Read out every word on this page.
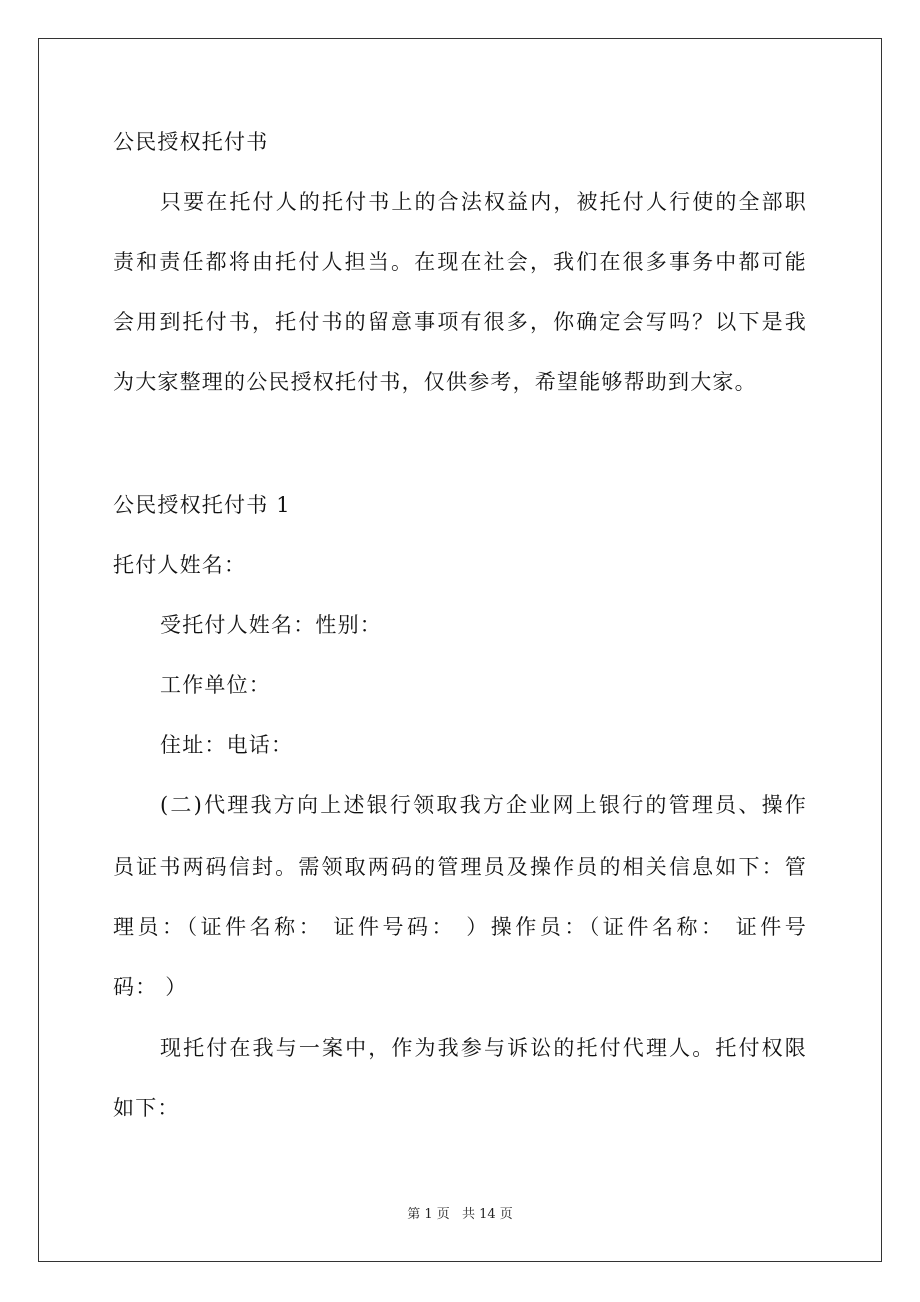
公民授权托付书
只要在托付人的托付书上的合法权益内，被托付人行使的全部职
责和责任都将由托付人担当。在现在社会，我们在很多事务中都可能
会用到托付书，托付书的留意事项有很多，你确定会写吗？以下是我
为大家整理的公民授权托付书，仅供参考，希望能够帮助到大家。
公民授权托付书 1
托付人姓名：
受托付人姓名：性别：
工作单位：
住址：电话：
(二)代理我方向上述银行领取我方企业网上银行的管理员、操作
员证书两码信封。需领取两码的管理员及操作员的相关信息如下：管
理员：（证件名称： 证件号码： ）操作员：（证件名称： 证件号
码： ）
现托付在我与一案中，作为我参与诉讼的托付代理人。托付权限
如下：
第 1 页 共 14 页
